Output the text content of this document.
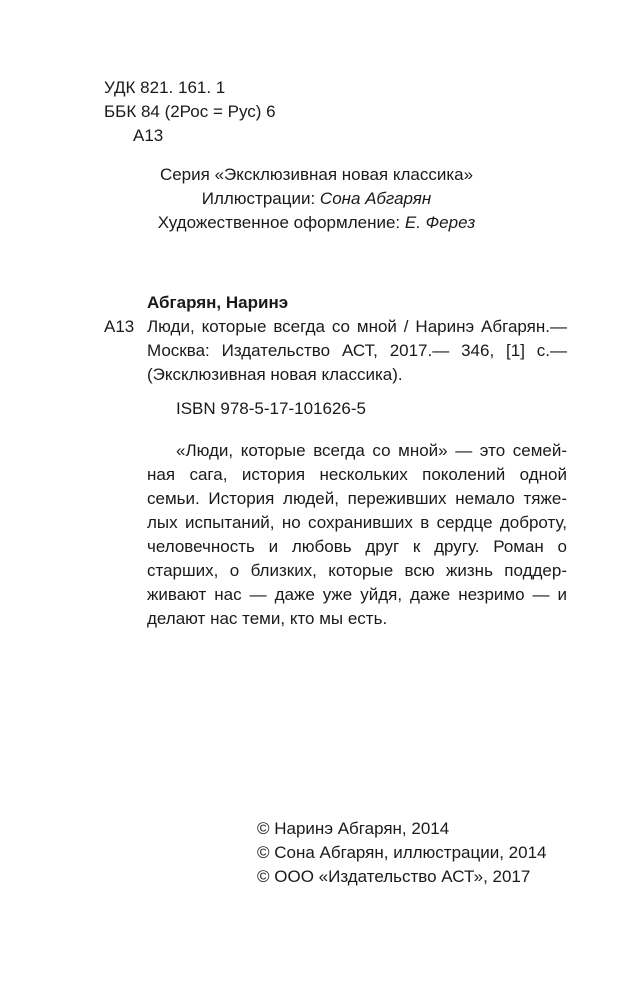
УДК 821. 161. 1
ББК 84 (2Рос = Рус) 6
А13
Серия «Эксклюзивная новая классика»
Иллюстрации: Сона Абгарян
Художественное оформление: Е. Ферез
Абгарян, Наринэ
А13 Люди, которые всегда со мной / Наринэ Абгарян.—
Москва: Издательство АСТ, 2017.— 346, [1] с.—
(Эксклюзивная новая классика).
ISBN 978-5-17-101626-5
«Люди, которые всегда со мной» — это семей-
ная сага, история нескольких поколений одной
семьи. История людей, переживших немало тяже-
лых испытаний, но сохранивших в сердце доброту,
человечность и любовь друг к другу. Роман о
старших, о близких, которые всю жизнь поддер-
живают нас — даже уже уйдя, даже незримо — и
делают нас теми, кто мы есть.
© Наринэ Абгарян, 2014
© Сона Абгарян, иллюстрации, 2014
© ООО «Издательство АСТ», 2017
